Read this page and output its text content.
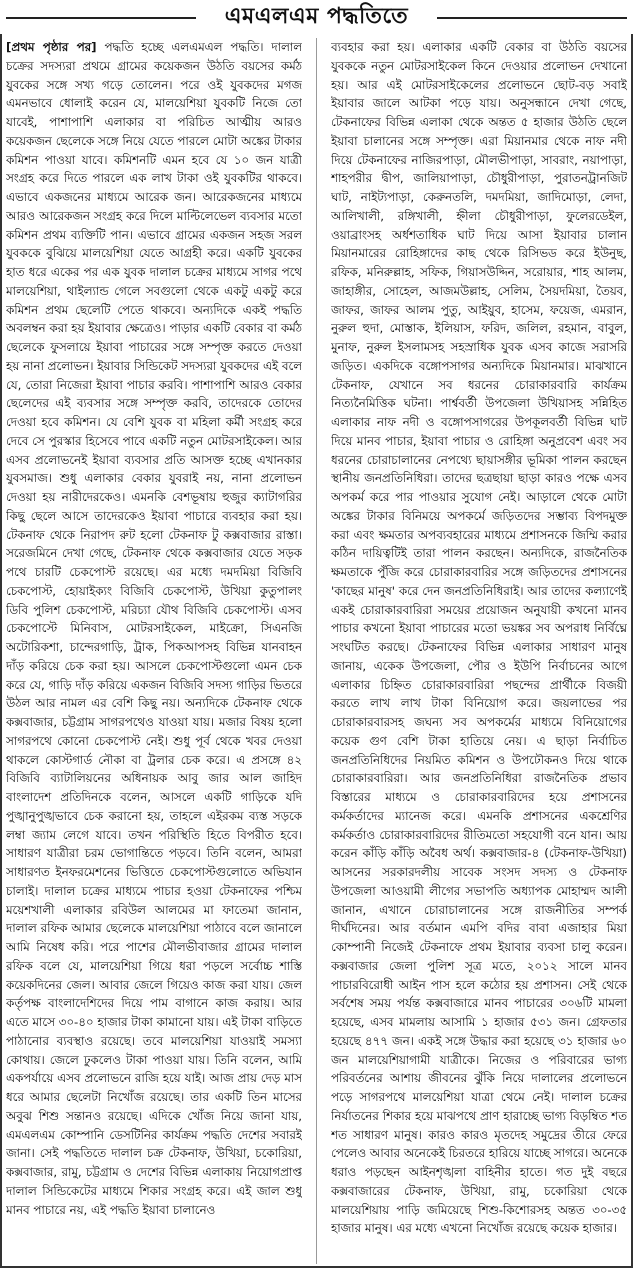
এমএলএম পদ্ধতিতে

[প্রথম পৃষ্ঠার পর] পদ্ধতি হচ্ছে এলএমএল পদ্ধতি। দালাল চক্রের সদস্যরা প্রথমে গ্রামের কয়েকজন উঠতি বয়সের কর্মঠ যুবকের সঙ্গে সখ্য গড়ে তোলেন। পরে ওই যুবকদের মগজ এমনভাবে ধোলাই করেন যে, মালয়েশিয়া যুবকটি নিজে তো যাবেই, পাশাপাশি এলাকার বা পরিচিত আত্মীয় আরও কয়েকজন ছেলেকে সঙ্গে নিয়ে যেতে পারলে মোটা অঙ্কের টাকার কমিশন পাওয়া যাবে। কমিশনটি এমন হবে যে ১০ জন যাত্রী সংগ্রহ করে দিতে পারলে এক লাখ টাকা ওই যুবকটির থাকবে। এভাবে একজনের মাধ্যমে আরেক জন। আরেকজনের মাধ্যমে আরও আরেকজন সংগ্রহ করে দিলে মাল্টিলেভেল ব্যবসার মতো কমিশন প্রথম ব্যক্তিটি পান। এভাবে গ্রামের একজন সহজ সরল যুবককে বুঝিয়ে মালয়েশিয়া যেতে আগ্রহী করে। একটি যুবকের হাত ধরে একের পর এক যুবক দালাল চক্রের মাধ্যমে সাগর পথে মালয়েশিয়া, থাইল্যান্ড গেলে সবগুলো থেকে একটু একটু করে কমিশন প্রথম ছেলেটি পেতে থাকবে। অন্যদিকে একই পদ্ধতি অবলম্বন করা হয় ইয়াবার ক্ষেত্রেও। পাড়ার একটি বেকার বা কর্মঠ ছেলেকে ফুসলায়ে ইয়াবা পাচারের সঙ্গে সম্পৃক্ত করতে দেওয়া হয় নানা প্রলোভন। ইয়াবার সিন্ডিকেট সদস্যরা যুবকদের এই বলে যে, তোরা নিজেরা ইয়াবা পাচার করবি। পাশাপাশি আরও বেকার ছেলেদের এই ব্যবসার সঙ্গে সম্পৃক্ত করবি, তাদেরকে তোদের দেওয়া হবে কমিশন। যে বেশি যুবক বা মহিলা কর্মী সংগ্রহ করে দেবে সে পুরস্কার হিসেবে পাবে একটি নতুন মোটরসাইকেল। আর এসব প্রলোভনেই ইয়াবা ব্যবসার প্রতি আসক্ত হচ্ছে এখানকার যুবসমাজ। শুধু এলাকার বেকার যুবরাই নয়, নানা প্রলোভন দেওয়া হয় নারীদেরকেও। এমনকি বেশভূষায় হুজুর ক্যাটাগরির কিছু ছেলে আসে তাদেরকেও ইয়াবা পাচারে ব্যবহার করা হয়। টেকনাফ থেকে নিরাপদ রুট হলো টেকনাফ টু কক্সবাজার রাস্তা। সরেজমিনে দেখা গেছে, টেকনাফ থেকে কক্সবাজার যেতে সড়ক পথে চারটি চেকপোস্ট রয়েছে। এর মধ্যে দমদমিয়া বিজিবি চেকপোস্ট, হোয়াইক্যং বিজিবি চেকপোস্ট, উখিয়া কুতুপালং ডিবি পুলিশ চেকপোস্ট, মরিচ্যা যৌথ বিজিবি চেকপোস্ট। এসব চেকপোস্টে মিনিবাস, মোটরসাইকেল, মাইক্রো, সিএনজি অটোরিকশা, চান্দেরগাড়ি, ট্রাক, পিকআপসহ বিভিন্ন যানবাহন দাঁড় করিয়ে চেক করা হয়। আসলে চেকপোস্টগুলো এমন চেক করে যে, গাড়ি দাঁড় করিয়ে একজন বিজিবি সদস্য গাড়ির ভিতরে উঠল আর নামল এর বেশি কিছু নয়। অন্যদিকে টেকনাফ থেকে কক্সবাজার, চট্টগ্রাম সাগরপথেও যাওয়া যায়। মজার বিষয় হলো সাগরপথে কোনো চেকপোস্ট নেই। শুধু পূর্ব থেকে খবর দেওয়া থাকলে কোস্টগার্ড নৌকা বা ট্রলার চেক করে। এ প্রসঙ্গে ৪২ বিজিবি ব্যাটালিয়নের অধিনায়ক আবু জার আল জাহিদ বাংলাদেশ প্রতিদিনকে বলেন, আসলে একটি গাড়িকে যদি পুঙ্খানুপুঙ্খভাবে চেক করানো হয়, তাহলে এইরকম ব্যস্ত সড়কে লম্বা জ্যাম লেগে যাবে। তখন পরিস্থিতি হিতে বিপরীত হবে। সাধারণ যাত্রীরা চরম ভোগান্তিতে পড়বে। তিনি বলেন, আমরা সাধারণত ইনফরমেশনের ভিত্তিতে চেকপোস্টগুলোতে অভিযান চালাই। দালাল চক্রের মাধ্যমে পাচার হওয়া টেকনাফের পশ্চিম ময়েশখালী এলাকার রবিউল আলমের মা ফাতেমা জানান, দালাল রফিক আমার ছেলেকে মালয়েশিয়া পাঠাবে বলে জানালে আমি নিষেধ করি। পরে পাশের মৌলভীবাজার গ্রামের দালাল রফিক বলে যে, মালয়েশিয়া গিয়ে ধরা পড়লে সর্বোচ্চ শাস্তি কয়েকদিনের জেল। আবার জেলে গিয়েও কাজ করা যায়। জেল কর্তৃপক্ষ বাংলাদেশিদের দিয়ে পাম বাগানে কাজ করায়। আর এতে মাসে ৩০-৪০ হাজার টাকা কামানো যায়। এই টাকা বাড়িতে পাঠানোর ব্যবস্থাও রয়েছে। তবে মালয়েশিয়া যাওয়াই সমস্যা কোথায়। জেলে ঢুকলেও টাকা পাওয়া যায়। তিনি বলেন, আমি একপর্যায়ে এসব প্রলোভনে রাজি হয়ে যাই। আজ প্রায় দেড় মাস ধরে আমার ছেলেটা নিখোঁজ রয়েছে। তার একটি তিন মাসের অবুঝ শিশু সন্তানও রয়েছে। এদিকে খোঁজ নিয়ে জানা যায়, এমএলএম কোম্পানি ডেসটিনির কার্যক্রম পদ্ধতি দেশের সবারই জানা। সেই পদ্ধতিতে দালাল চক্র টেকনাফ, উখিয়া, চকোরিয়া, কক্সবাজার, রামু, চট্টগ্রাম ও দেশের বিভিন্ন এলাকায় নিয়োগপ্রাপ্ত দালাল সিন্ডিকেটের মাধ্যমে শিকার সংগ্রহ করে। এই জাল শুধু মানব পাচারে নয়, এই পদ্ধতি ইয়াবা চালানেও

ব্যবহার করা হয়। এলাকার একটি বেকার বা উঠতি বয়সের যুবককে নতুন মোটরসাইকেল কিনে দেওয়ার প্রলোভন দেখানো হয়। আর এই মোটরসাইকেলের প্রলোভনে ছোট-বড় সবাই ইয়াবার জালে আটকা পড়ে যায়। অনুসন্ধানে দেখা গেছে, টেকনাফের বিভিন্ন এলাকা থেকে অন্তত ৫ হাজার উঠতি ছেলে ইয়াবা চালানের সঙ্গে সম্পৃক্ত। এরা মিয়ানমার থেকে নাফ নদী দিয়ে টেকনাফের নাজিরপাড়া, মৌলভীপাড়া, সাবরাং, নয়াপাড়া, শাহপরীর দ্বীপ, জালিয়াপাড়া, চৌধুরীপাড়া, পুরাতনট্রানজিট ঘাট, নাইট্যপাড়া, কেরুনতলি, দমদমিয়া, জাদিমোড়া, লেদা, আলিখালী, রঙ্গিখালী, হ্নীলা চৌধুরীপাড়া, ফুলেরডেইল, ওয়াব্রাংসহ অর্ধশতাধিক ঘাট দিয়ে আসা ইয়াবার চালান মিয়ানমারের রোহিঙ্গাদের কাছ থেকে রিসিভড করে ইউনুছ, রফিক, মনিরুল্লাহ, সফিক, গিয়াসউদ্দিন, সরোয়ার, শাহ আলম, জাহাঙ্গীর, সোহেল, আজমউল্লাহ, সেলিম, সৈয়দমিয়া, তৈয়ব, জাফর, জাফর আলম পুতু, আইয়ুব, হাসেম, ফয়েজ, এমরান, নুরুল হুদা, মোস্তাক, ইলিয়াস, ফরিদ, জলিল, রহমান, বাবুল, মুনাফ, নুরুল ইসলামসহ সহস্রাধিক যুবক এসব কাজে সরাসরি জড়িত। একদিকে বঙ্গোপসাগর অন্যদিকে মিয়ানমার। মাঝখানে টেকনাফ, যেখানে সব ধরনের চোরাকারবারি কার্যক্রম নিত্যনৈমিত্তিক ঘটনা। পার্শ্ববর্তী উপজেলা উখিয়াসহ সন্নিহিত এলাকার নাফ নদী ও বঙ্গোপসাগরের উপকূলবর্তী বিভিন্ন ঘাট দিয়ে মানব পাচার, ইয়াবা পাচার ও রোহিঙ্গা অনুপ্রবেশ এবং সব ধরনের চোরাচালানের নেপথ্যে ছায়াসঙ্গীর ভূমিকা পালন করছেন স্থানীয় জনপ্রতিনিধিরা। তাদের ছত্রছায়া ছাড়া কারও পক্ষে এসব অপকর্ম করে পার পাওয়ার সুযোগ নেই। আড়ালে থেকে মোটা অঙ্কের টাকার বিনিময়ে অপকর্মে জড়িতদের সম্ভাব্য বিপদমুক্ত করা এবং ক্ষমতার অপব্যবহারের মাধ্যমে প্রশাসনকে জিম্মি করার কঠিন দায়িত্বটিই তারা পালন করছেন। অন্যদিকে, রাজনৈতিক ক্ষমতাকে পুঁজি করে চোরাকারবারির সঙ্গে জড়িতদের প্রশাসনের 'কাছের মানুষ' করে দেন জনপ্রতিনিধিরাই। আর তাদের কল্যাণেই একই চোরাকারবারিরা সময়ের প্রয়োজন অনুযায়ী কখনো মানব পাচার কখনো ইয়াবা পাচারের মতো ভয়ঙ্কর সব অপরাধ নির্বিঘ্নে সংঘটিত করছে। টেকনাফের বিভিন্ন এলাকার সাধারণ মানুষ জানায়, একেক উপজেলা, পৌর ও ইউপি নির্বাচনের আগে এলাকার চিহ্নিত চোরাকারবারিরা পছন্দের প্রার্থীকে বিজয়ী করতে লাখ লাখ টাকা বিনিয়োগ করে। জয়লাভের পর চোরাকারবারসহ জঘন্য সব অপকর্মের মাধ্যমে বিনিয়োগের কয়েক গুণ বেশি টাকা হাতিয়ে নেয়। এ ছাড়া নির্বাচিত জনপ্রতিনিধিদের নিয়মিত কমিশন ও উপঢৌকনও দিয়ে থাকে চোরাকারবারিরা। আর জনপ্রতিনিধিরা রাজনৈতিক প্রভাব বিস্তারের মাধ্যমে ও চোরাকারবারিদের হয়ে প্রশাসনের কর্মকর্তাদের ম্যানেজ করে। এমনকি প্রশাসনের একশ্রেণির কর্মকর্তাও চোরাকারবারিদের রীতিমতো সহযোগী বনে যান। আয় করেন কাঁড়ি কাঁড়ি অবৈধ অর্থ। কক্সবাজার-৪ (টেকনাফ-উখিয়া) আসনের সরকারদলীয় সাবেক সংসদ সদস্য ও টেকনাফ উপজেলা আওয়ামী লীগের সভাপতি অধ্যাপক মোহাম্মদ আলী জানান, এখানে চোরাচালানের সঙ্গে রাজনীতির সম্পর্ক দীর্ঘদিনের। আর বর্তমান এমপি বদির বাবা এজাহার মিয়া কোম্পানী নিজেই টেকনাফে প্রথম ইয়াবার ব্যবসা চালু করেন। কক্সবাজার জেলা পুলিশ সূত্র মতে, ২০১২ সালে মানব পাচারবিরোধী আইন পাস হলে কঠোর হয় প্রশাসন। সেই থেকে সর্বশেষ সময় পর্যন্ত কক্সবাজারে মানব পাচারের ৩০৬টি মামলা হয়েছে, এসব মামলায় আসামি ১ হাজার ৫৩১ জন। গ্রেফতার হয়েছে ৪৭৭ জন। একই সঙ্গে উদ্ধার করা হয়েছে ৩১ হাজার ৬০ জন মালয়েশিয়াগামী যাত্রীকে। নিজের ও পরিবারের ভাগ্য পরিবর্তনের আশায় জীবনের ঝুঁকি নিয়ে দালালের প্রলোভনে পড়ে সাগরপথে মালয়েশিয়া যাত্রা থেমে নেই। দালাল চক্রের নির্যাতনের শিকার হয়ে মাঝপথে প্রাণ হারাচ্ছে ভাগ্য বিড়ম্বিত শত শত সাধারণ মানুষ। কারও কারও মৃতদেহ সমুদ্রের তীরে ফেরে পেলেও আবার অনেকেই চিরতরে হারিয়ে যাচ্ছে সাগরে। অনেকে ধরাও পড়ছেন আইনশৃঙ্খলা বাহিনীর হাতে। গত দুই বছরে কক্সবাজারের টেকনাফ, উখিয়া, রামু, চকোরিয়া থেকে মালয়েশিয়ায় পাড়ি জমিয়েছে শিশু-কিশোরসহ অন্তত ৩০-৩৫ হাজার মানুষ। এর মধ্যে এখনো নিখোঁজ রয়েছে কয়েক হাজার।
